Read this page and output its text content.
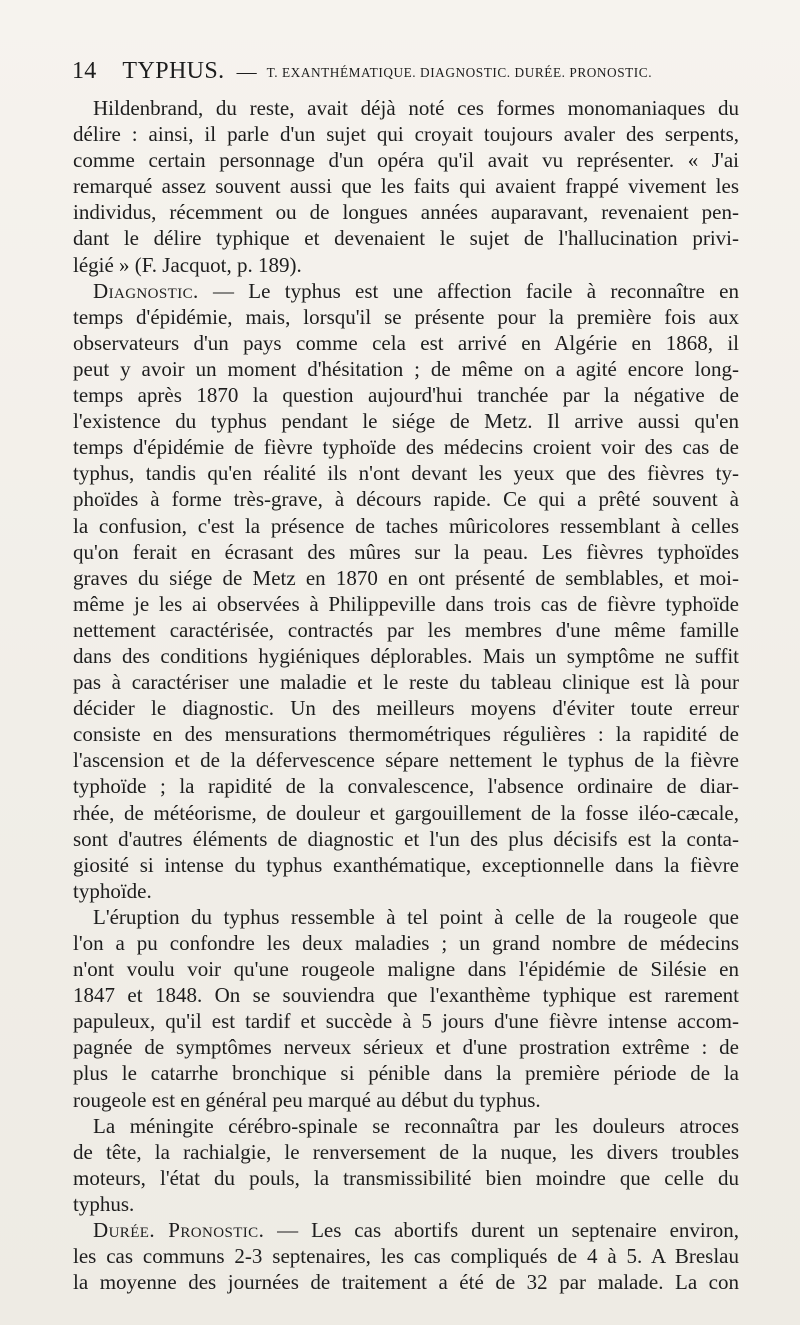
14 TYPHUS. — T. EXANTHÉMATIQUE. DIAGNOSTIC. DURÉE. PRONOSTIC.
Hildenbrand, du reste, avait déjà noté ces formes monomaniaques du
délire : ainsi, il parle d'un sujet qui croyait toujours avaler des serpents,
comme certain personnage d'un opéra qu'il avait vu représenter. « J'ai
remarqué assez souvent aussi que les faits qui avaient frappé vivement les
individus, récemment ou de longues années auparavant, revenaient pen-
dant le délire typhique et devenaient le sujet de l'hallucination privi-
légié » (F. Jacquot, p. 189).
Diagnostic. — Le typhus est une affection facile à reconnaître en
temps d'épidémie, mais, lorsqu'il se présente pour la première fois aux
observateurs d'un pays comme cela est arrivé en Algérie en 1868, il
peut y avoir un moment d'hésitation ; de même on a agité encore long-
temps après 1870 la question aujourd'hui tranchée par la négative de
l'existence du typhus pendant le siége de Metz. Il arrive aussi qu'en
temps d'épidémie de fièvre typhoïde des médecins croient voir des cas de
typhus, tandis qu'en réalité ils n'ont devant les yeux que des fièvres ty-
phoïdes à forme très-grave, à décours rapide. Ce qui a prêté souvent à
la confusion, c'est la présence de taches mûricolores ressemblant à celles
qu'on ferait en écrasant des mûres sur la peau. Les fièvres typhoïdes
graves du siége de Metz en 1870 en ont présenté de semblables, et moi-
même je les ai observées à Philippeville dans trois cas de fièvre typhoïde
nettement caractérisée, contractés par les membres d'une même famille
dans des conditions hygiéniques déplorables. Mais un symptôme ne suffit
pas à caractériser une maladie et le reste du tableau clinique est là pour
décider le diagnostic. Un des meilleurs moyens d'éviter toute erreur
consiste en des mensurations thermométriques régulières : la rapidité de
l'ascension et de la défervescence sépare nettement le typhus de la fièvre
typhoïde ; la rapidité de la convalescence, l'absence ordinaire de diar-
rhée, de météorisme, de douleur et gargouillement de la fosse iléo-cæcale,
sont d'autres éléments de diagnostic et l'un des plus décisifs est la conta-
giosité si intense du typhus exanthématique, exceptionnelle dans la fièvre
typhoïde.
L'éruption du typhus ressemble à tel point à celle de la rougeole que
l'on a pu confondre les deux maladies ; un grand nombre de médecins
n'ont voulu voir qu'une rougeole maligne dans l'épidémie de Silésie en
1847 et 1848. On se souviendra que l'exanthème typhique est rarement
papuleux, qu'il est tardif et succède à 5 jours d'une fièvre intense accom-
pagnée de symptômes nerveux sérieux et d'une prostration extrême : de
plus le catarrhe bronchique si pénible dans la première période de la
rougeole est en général peu marqué au début du typhus.
La méningite cérébro-spinale se reconnaîtra par les douleurs atroces
de tête, la rachialgie, le renversement de la nuque, les divers troubles
moteurs, l'état du pouls, la transmissibilité bien moindre que celle du
typhus.
Durée. Pronostic. — Les cas abortifs durent un septenaire environ,
les cas communs 2-3 septenaires, les cas compliqués de 4 à 5. A Breslau
la moyenne des journées de traitement a été de 32 par malade. La con
